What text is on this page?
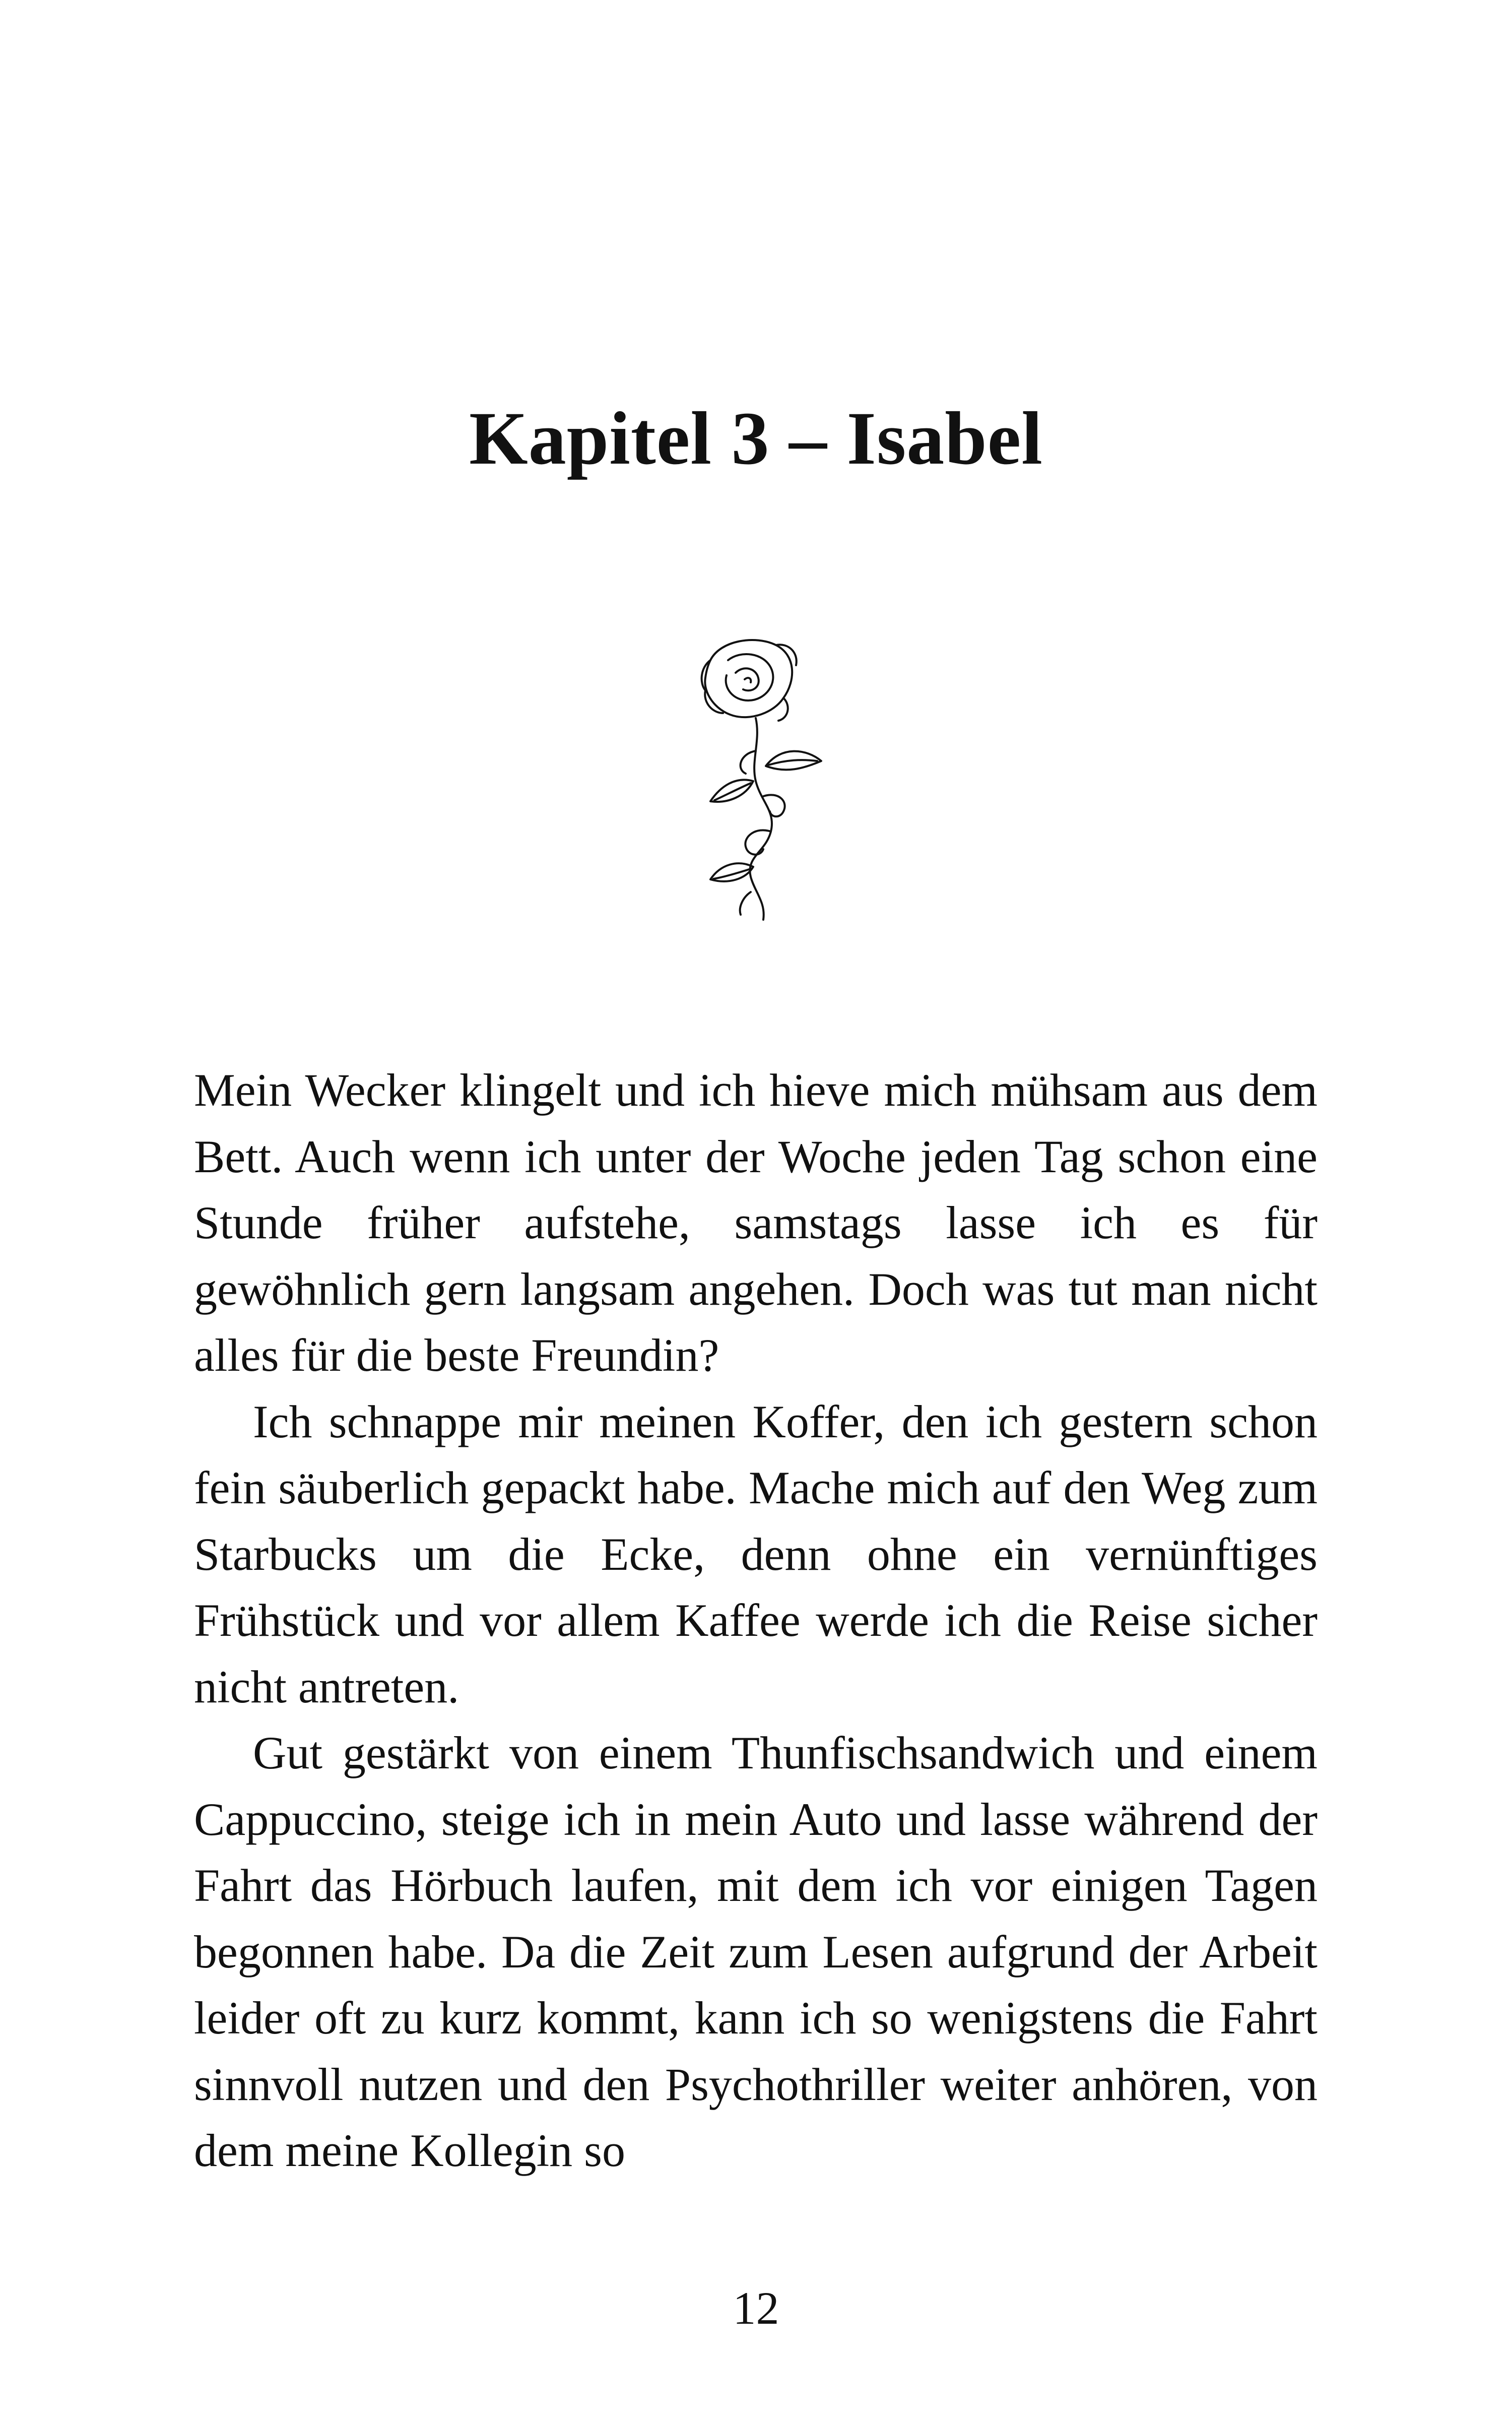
Kapitel 3 – Isabel

Mein Wecker klingelt und ich hieve mich mühsam aus dem Bett. Auch wenn ich unter der Woche jeden Tag schon eine Stunde früher aufstehe, samstags lasse ich es für gewöhnlich gern langsam angehen. Doch was tut man nicht alles für die beste Freundin?

Ich schnappe mir meinen Koffer, den ich gestern schon fein säuberlich gepackt habe. Mache mich auf den Weg zum Starbucks um die Ecke, denn ohne ein vernünftiges Frühstück und vor allem Kaffee werde ich die Reise sicher nicht antreten.

Gut gestärkt von einem Thunfischsandwich und einem Cappuccino, steige ich in mein Auto und lasse während der Fahrt das Hörbuch laufen, mit dem ich vor einigen Tagen begonnen habe. Da die Zeit zum Lesen aufgrund der Arbeit leider oft zu kurz kommt, kann ich so wenigstens die Fahrt sinnvoll nutzen und den Psychothriller weiter anhören, von dem meine Kollegin so

12
